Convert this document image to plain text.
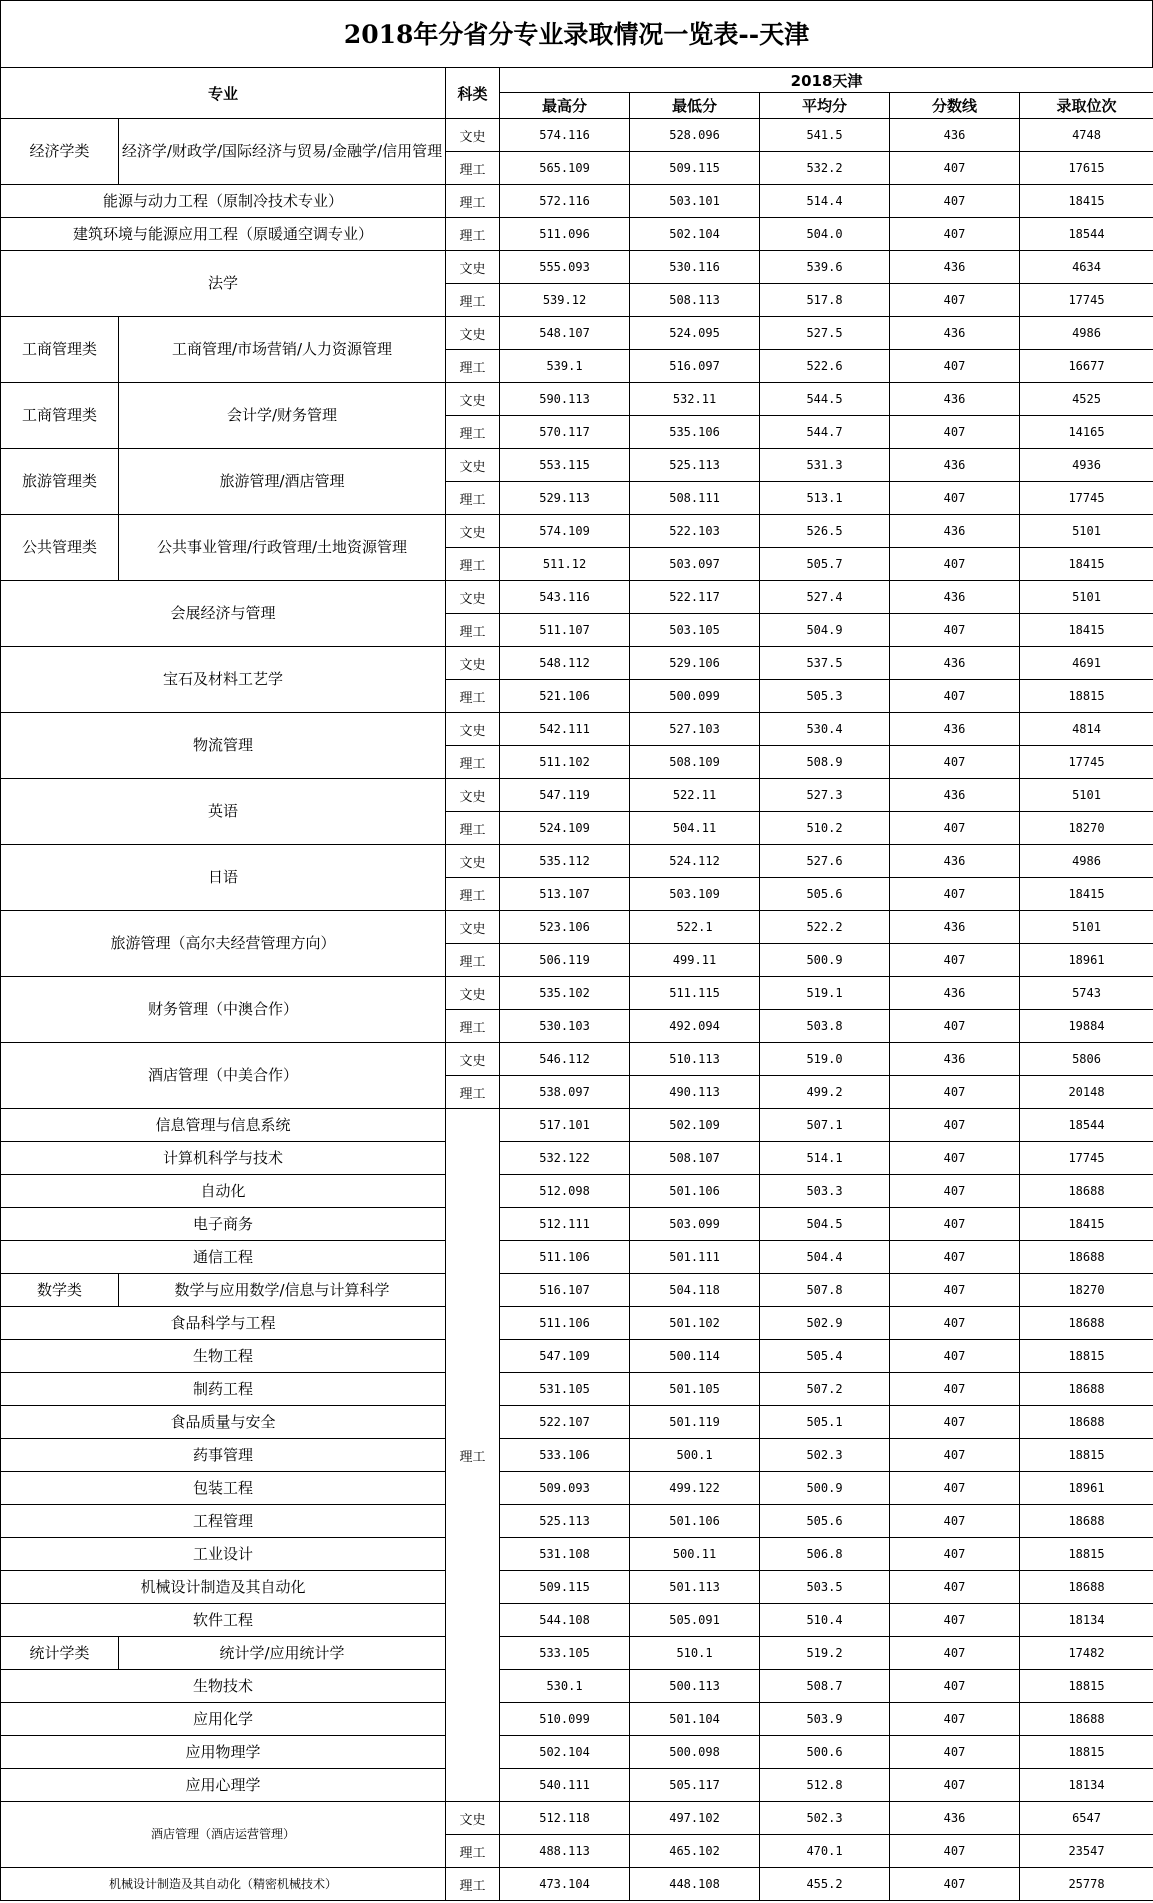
2018年分省分专业录取情况一览表--天津
专业		科类	2018天津				
			最高分	最低分	平均分	分数线	录取位次
经济学类	经济学/财政学/国际经济与贸易/金融学/信用管理	文史	574.116	528.096	541.5	436	4748
		理工	565.109	509.115	532.2	407	17615
能源与动力工程（原制冷技术专业）		理工	572.116	503.101	514.4	407	18415
建筑环境与能源应用工程（原暖通空调专业）		理工	511.096	502.104	504.0	407	18544
法学		文史	555.093	530.116	539.6	436	4634
		理工	539.12	508.113	517.8	407	17745
工商管理类	工商管理/市场营销/人力资源管理	文史	548.107	524.095	527.5	436	4986
		理工	539.1	516.097	522.6	407	16677
工商管理类	会计学/财务管理	文史	590.113	532.11	544.5	436	4525
		理工	570.117	535.106	544.7	407	14165
旅游管理类	旅游管理/酒店管理	文史	553.115	525.113	531.3	436	4936
		理工	529.113	508.111	513.1	407	17745
公共管理类	公共事业管理/行政管理/土地资源管理	文史	574.109	522.103	526.5	436	5101
		理工	511.12	503.097	505.7	407	18415
会展经济与管理		文史	543.116	522.117	527.4	436	5101
		理工	511.107	503.105	504.9	407	18415
宝石及材料工艺学		文史	548.112	529.106	537.5	436	4691
		理工	521.106	500.099	505.3	407	18815
物流管理		文史	542.111	527.103	530.4	436	4814
		理工	511.102	508.109	508.9	407	17745
英语		文史	547.119	522.11	527.3	436	5101
		理工	524.109	504.11	510.2	407	18270
日语		文史	535.112	524.112	527.6	436	4986
		理工	513.107	503.109	505.6	407	18415
旅游管理（高尔夫经营管理方向）		文史	523.106	522.1	522.2	436	5101
		理工	506.119	499.11	500.9	407	18961
财务管理（中澳合作）		文史	535.102	511.115	519.1	436	5743
		理工	530.103	492.094	503.8	407	19884
酒店管理（中美合作）		文史	546.112	510.113	519.0	436	5806
		理工	538.097	490.113	499.2	407	20148
信息管理与信息系统		理工	517.101	502.109	507.1	407	18544
计算机科学与技术			532.122	508.107	514.1	407	17745
自动化			512.098	501.106	503.3	407	18688
电子商务			512.111	503.099	504.5	407	18415
通信工程			511.106	501.111	504.4	407	18688
数学类	数学与应用数学/信息与计算科学		516.107	504.118	507.8	407	18270
食品科学与工程			511.106	501.102	502.9	407	18688
生物工程			547.109	500.114	505.4	407	18815
制药工程			531.105	501.105	507.2	407	18688
食品质量与安全			522.107	501.119	505.1	407	18688
药事管理			533.106	500.1	502.3	407	18815
包装工程			509.093	499.122	500.9	407	18961
工程管理			525.113	501.106	505.6	407	18688
工业设计			531.108	500.11	506.8	407	18815
机械设计制造及其自动化			509.115	501.113	503.5	407	18688
软件工程			544.108	505.091	510.4	407	18134
统计学类	统计学/应用统计学		533.105	510.1	519.2	407	17482
生物技术			530.1	500.113	508.7	407	18815
应用化学			510.099	501.104	503.9	407	18688
应用物理学			502.104	500.098	500.6	407	18815
应用心理学			540.111	505.117	512.8	407	18134
酒店管理（酒店运营管理）		文史	512.118	497.102	502.3	436	6547
		理工	488.113	465.102	470.1	407	23547
机械设计制造及其自动化（精密机械技术）		理工	473.104	448.108	455.2	407	25778
